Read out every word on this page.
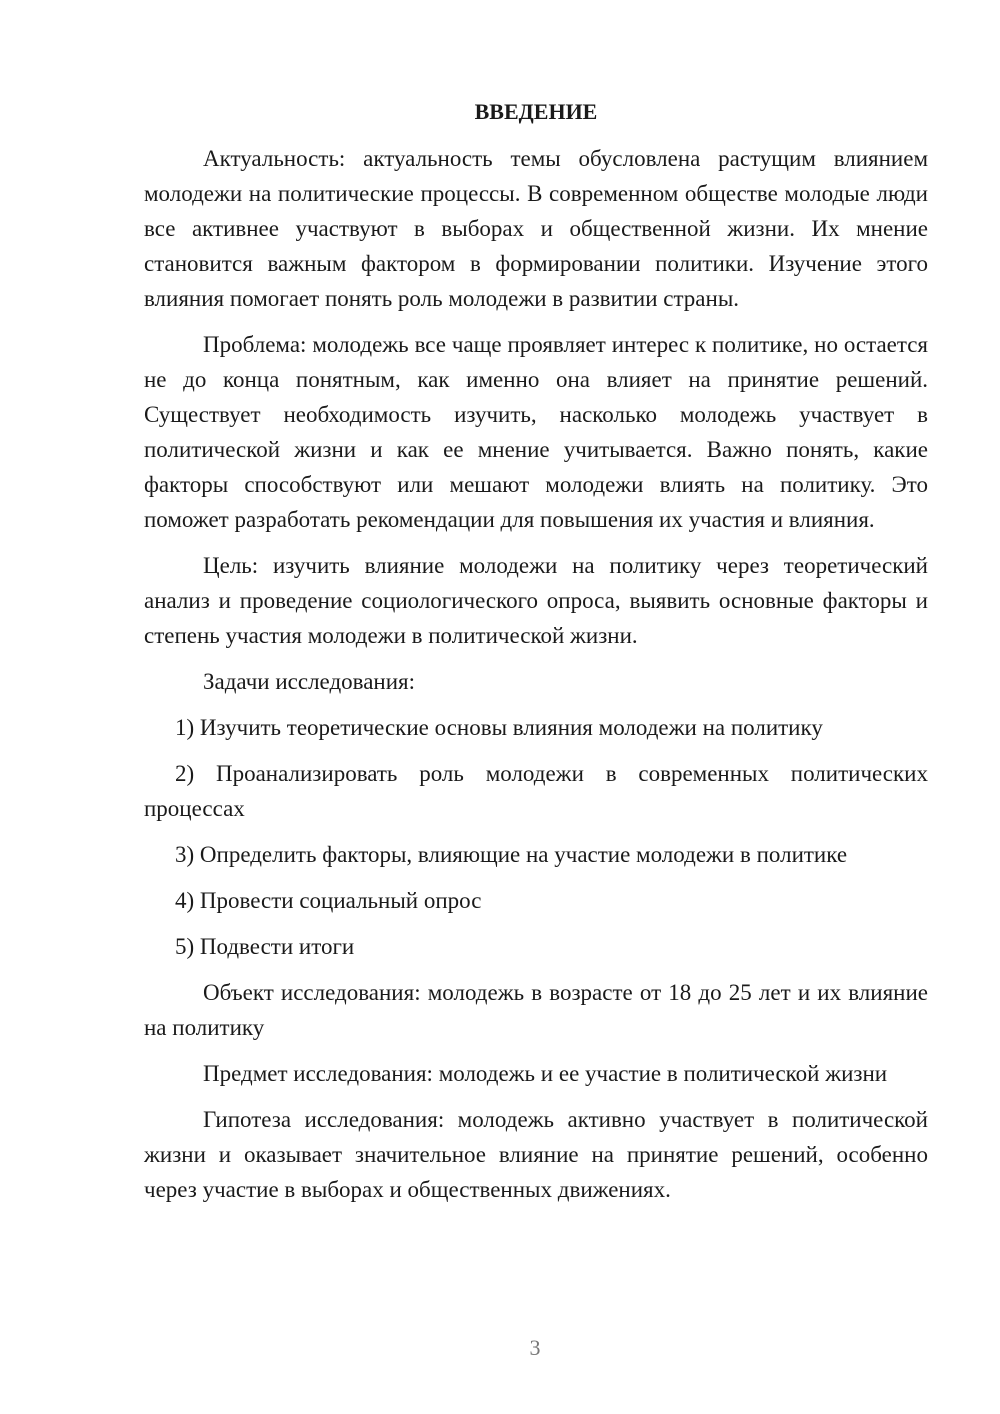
ВВЕДЕНИЕ

Актуальность: актуальность темы обусловлена растущим влиянием молодежи на политические процессы. В современном обществе молодые люди все активнее участвуют в выборах и общественной жизни. Их мнение становится важным фактором в формировании политики. Изучение этого влияния помогает понять роль молодежи в развитии страны.

Проблема: молодежь все чаще проявляет интерес к политике, но остается не до конца понятным, как именно она влияет на принятие решений. Существует необходимость изучить, насколько молодежь участвует в политической жизни и как ее мнение учитывается. Важно понять, какие факторы способствуют или мешают молодежи влиять на политику. Это поможет разработать рекомендации для повышения их участия и влияния.

Цель: изучить влияние молодежи на политику через теоретический анализ и проведение социологического опроса, выявить основные факторы и степень участия молодежи в политической жизни.

Задачи исследования:

1) Изучить теоретические основы влияния молодежи на политику

2) Проанализировать роль молодежи в современных политических процессах

3) Определить факторы, влияющие на участие молодежи в политике

4) Провести социальный опрос

5) Подвести итоги

Объект исследования: молодежь в возрасте от 18 до 25 лет и их влияние на политику

Предмет исследования: молодежь и ее участие в политической жизни

Гипотеза исследования: молодежь активно участвует в политической жизни и оказывает значительное влияние на принятие решений, особенно через участие в выборах и общественных движениях.

3
